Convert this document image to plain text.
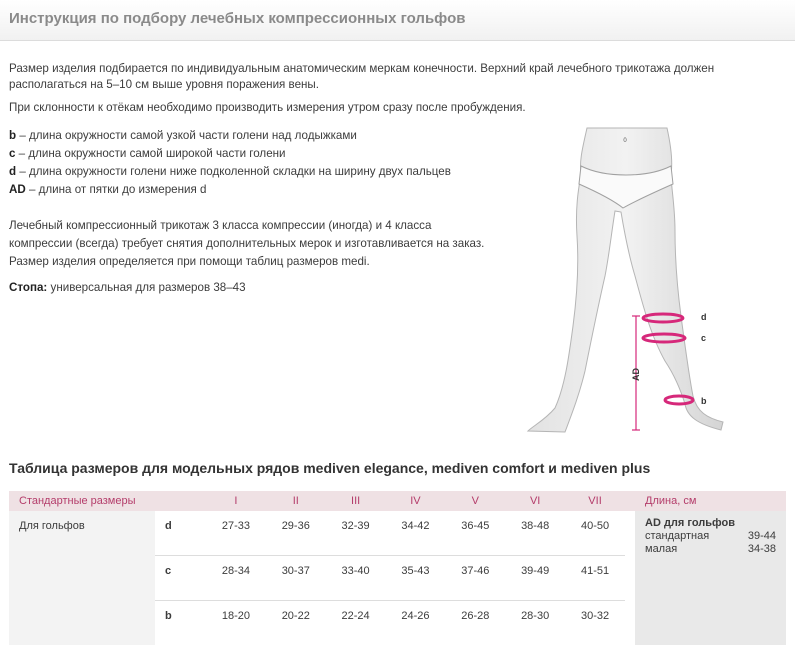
Инструкция по подбору лечебных компрессионных гольфов
Размер изделия подбирается по индивидуальным анатомическим меркам конечности. Верхний край лечебного трикотажа должен располагаться на 5–10 см выше уровня поражения вены.
При склонности к отёкам необходимо производить измерения утром сразу после пробуждения.
b – длина окружности самой узкой части голени над лодыжками
c – длина окружности самой широкой части голени
d – длина окружности голени ниже подколенной складки на ширину двух пальцев
AD – длина от пятки до измерения d
Лечебный компрессионный трикотаж 3 класса компрессии (иногда) и 4 класса
компрессии (всегда) требует снятия дополнительных мерок и изготавливается на заказ.
Размер изделия определяется при помощи таблиц размеров medi.
Стопа: универсальная для размеров 38–43
0
AD
d
c
b
Таблица размеров для модельных рядов mediven elegance, mediven comfort и mediven plus
Стандартные размеры		I	II	III	IV	V	VI	VII		Длина, см
Для гольфов	d	27-33	29-36	32-39	34-42	36-45	38-48	40-50		AD для гольфов
стандартная 39-44
малая 34-38

	c	28-34	30-37	33-40	35-43	37-46	39-49	41-51		
	b	18-20	20-22	22-24	24-26	26-28	28-30	30-32		
